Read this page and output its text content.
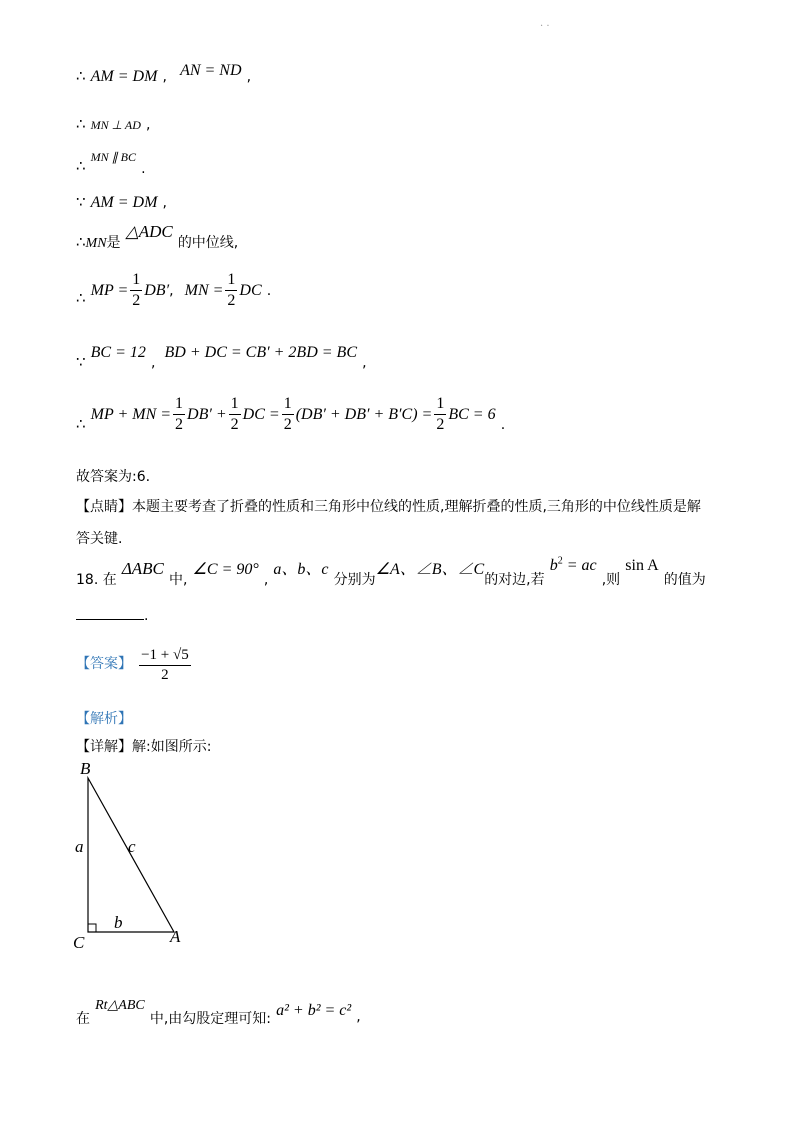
. .
∴ AM = DM , AN = ND ,
∴ MN ⊥ AD ,
∴ MN ∥ BC .
∵ AM = DM ,
∴MN是 △ADC 的中位线,
∴ MP = $\frac{1}{2} DB'$, MN = $\frac{1}{2}$ DC .
∵ BC = 12 , BD + DC = CB′ + 2BD = BC ,
∴ MP + MN = $\frac{1}{2} DB' + \frac{1}{2}$ DC = $\frac{1}{2} (DB' + DB' + B'C) = \frac{1}{2}$ BC = 6 .
故答案为:6.
【点睛】本题主要考查了折叠的性质和三角形中位线的性质,理解折叠的性质,三角形的中位线性质是解
答关键.
18. 在 ΔABC 中, ∠C = 90° , a、b、c 分别为∠A、∠B、∠C的对边,若 $b^2$ = ac ,则 sin A 的值为
.
【答案】 $\frac{-1 + √5}{2}$
【解析】
【详解】解:如图所示:
B
C	A
a
b
c
在 Rt△ABC 中,由勾股定理可知: a² + b² = c² ,
